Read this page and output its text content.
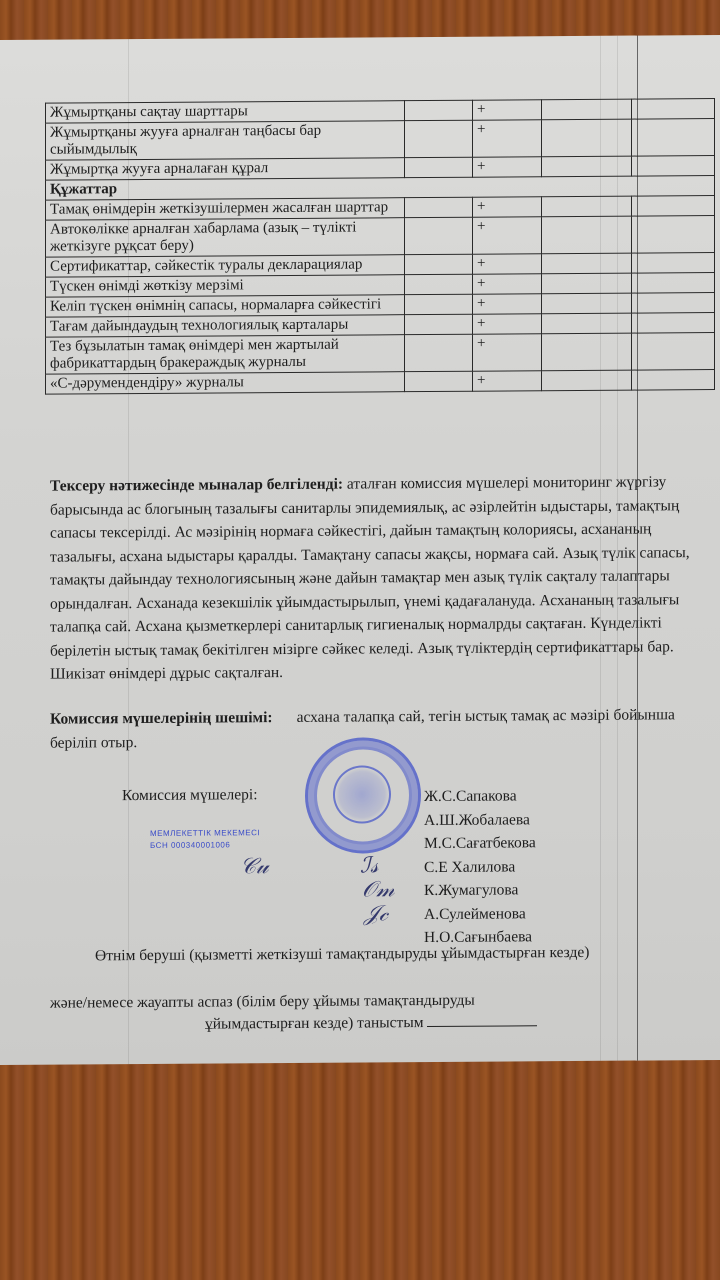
Жұмыртқаны сақтау шарттары		+		
Жұмыртқаны жууға арналған таңбасы бар сыйымдылық		+		
Жұмыртқа жууға арналаған құрал		+		
Құжаттар				
Тамақ өнімдерін жеткізушілермен жасалған шарттар		+		
Автокөлікке арналған хабарлама (азық – түлікті жеткізуге рұқсат беру)		+		
Сертификаттар, сәйкестік туралы декларациялар		+		
Түскен өнімді жөткізу мерзімі		+		
Келіп түскен өнімнің сапасы, нормаларға сәйкестігі		+		
Тағам дайындаудың технологиялық карталары		+		
Тез бұзылатын тамақ өнімдері мен жартылай фабрикаттардың бракераждық журналы		+		
«С-дәрумендендіру» журналы		+		
Тексеру нәтижесінде мыналар белгіленді: аталған комиссия мүшелері мониторинг жүргізу барысында ас блогының тазалығы санитарлы эпидемиялық, ас әзірлейтін ыдыстары, тамақтың сапасы тексерілді. Ас мәзірінің нормаға сәйкестігі, дайын тамақтың колориясы, асхананың тазалығы, асхана ыдыстары қаралды. Тамақтану сапасы жақсы, нормаға сай. Азық түлік сапасы, тамақты дайындау технологиясының және дайын тамақтар мен азық түлік сақталу талаптары орындалған. Асханада кезекшілік ұйымдастырылып, үнемі қадағалануда. Асхананың тазалығы талапқа сай. Асхана қызметкерлері санитарлық гигиеналық нормалрды сақтаған. Күнделікті берілетін ыстық тамақ бекітілген мізірге сәйкес келеді. Азық түліктердің сертификаттары бар. Шикізат өнімдері дұрыс сақталған.
Комиссия мүшелерінің шешімі: асхана талапқа сай, тегін ыстық тамақ ас мәзірі бойынша беріліп отыр.
МЕМЛЕКЕТТІК МЕКЕМЕСІ
БСН 000340001006
Комиссия мүшелері:	Ж.С.Сапакова
А.Ш.Жобалаева
М.С.Сағатбекова
С.Е Халилова
К.Жумагулова
А.Сулейменова
Н.О.Сағынбаева
ℐ𝓈
𝒪𝓂
𝒥𝒸
𝒞𝓊
Өтнім беруші (қызметті жеткізуші тамақтандыруды ұйымдастырған кезде)
және/немесе жауапты аспаз (білім беру ұйымы тамақтандыруды
ұйымдастырған кезде) таныстым
